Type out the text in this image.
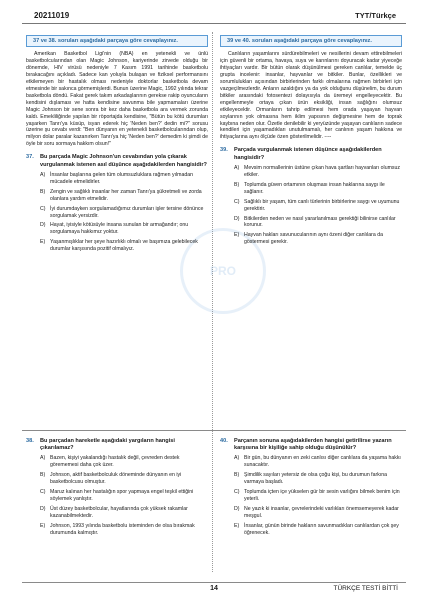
20211019	TYT/Türkçe
PRO
37 ve 38. soruları aşağıdaki parçaya göre cevaplayınız.
Amerikan Basketbol Ligi'nin (NBA) en yetenekli ve ünlü basketbolcularından olan Magic Johnson, kariyerinde zirvede olduğu bir dönemde, HIV virüsü nedeniyle 7 Kasım 1991 tarihinde basketbolu bırakacağını açıkladı. Sadece kan yoluyla bulaşan ve fiziksel performansını etkilemeyen bir hastalık olması nedeniyle doktorlar basketbola devam etmesinde bir sakınca görmemişlerdi. Bunun üzerine Magic, 1992 yılında tekrar basketbola döndü. Fakat gerek takım arkadaşlarının gerekse rakip oyuncuların kendisini dışlaması ve hatta kendisine savunma bile yapmamaları üzerine Magic Johnson bir sene sonra bir kez daha basketbola ara vermek zorunda kaldı. Emekliliğinde yapılan bir röportajda kendisine, "Bütün bu kötü durumları yaşarken Tanrı'ya küsüp, isyan ederek hiç 'Neden ben?' dedin mi?" sorusu üzerine şu cevabı verdi: "Ben dünyanın en yetenekli basketbolcularından olup, milyon dolar paralar kazanırken Tanrı'ya hiç 'Neden ben?' demedim ki şimdi de öyle bir soru sormaya hakkım olsun!"
37.	Bu parçada Magic Johnson'un cevabından yola çıkarak vurgulanmak istenen asıl düşünce aşağıdakilerden hangisidir?
A) İnsanlar başlarına gelen tüm olumsuzluklara rağmen yılmadan mücadele etmelidirler.
B) Zengin ve sağlıklı insanlar her zaman Tanrı'ya şükretmeli ve zorda olanlara yardım etmelidir.
C) İyi durumdayken sorgulamadığımız durumları işler tersine dönünce sorgulamak yersizdir.
D) Hayat, iyisiyle kötüsüyle insana sunulan bir armağandır; onu sorgulamaya hakkımız yoktur.
E) Yaşanmışlıklar her şeye hazırlıklı olmalı ve başımıza gelebilecek durumlar karşısında pozitif olmalıyız.
39 ve 40. soruları aşağıdaki parçaya göre cevaplayınız.
Canlıların yaşamlarını sürdürebilmeleri ve nesillerini devam ettirebilmeleri için güvenli bir ortama, havaya, suya ve karınlarını doyuracak kadar yiyeceğe ihtiyaçları vardır. Bir bütün olarak düşünülmesi gereken canlılar, temelde üç grupta incelenir: insanlar, hayvanlar ve bitkiler. Bunlar, özellikleri ve sorumlulukları açısından birbirlerinden farklı olmalarına rağmen birbirleri için vazgeçilmezlerdir. Anların azaldığını ya da yok olduğunu düşünelim, bu durum bitkiler arasındaki fotosentezi dolayısıyla da üremeyi engelleyecektir. Bu engellenmeyle ortaya çıkan ürün eksikliği, insan sağlığını olumsuz etkileyecektir. Ormanların tahrip edilmesi hem orada yaşayan hayvan soylarının yok olmasına hem iklim yapısının değişmesine hem de toprak kaybına neden olur. Özetle denilebilir ki yeryüzünde yaşayan canlıların sadece kendileri için yaşamadıkları unutulmamalı, her canlının yaşam hakkına ve ihtiyaçlarına aynı ölçüde özen gösterilmelidir. ----
39.	Parçada vurgulanmak istenen düşünce aşağıdakilerden hangisidir?
A) Mevsim normallerinin üstüne çıkan hava şartları hayvanları olumsuz etkiler.
B) Toplumda güven ortamının oluşması insan haklarına saygı ile sağlanır.
C) Sağlıklı bir yaşam, tüm canlı türlerinin birbirlerine saygı ve uyumunu gerektirir.
D) Bitkilerden neden ve nasıl yararlanılması gerektiği bilinirse canlılar korunur.
E) Hayvan hakları savunucularının aynı özeni diğer canlılara da göstermesi gerekir.
38.	Bu parçadan hareketle aşağıdaki yargıların hangisi çıkarılamaz?
A) Bazen, kişiyi yakalandığı hastalık değil, çevreden destek görememesi daha çok üzer.
B) Johnson, aktif basketbolculuk döneminde dünyanın en iyi basketbolcusu olmuştur.
C) Maruz kalınan her hastalığın spor yapmaya engel teşkil ettiğini söylemek yanlıştır.
D) Üst düzey basketbolcular, hayatlarında çok yüksek rakamlar kazanabilmektedir.
E) Johnson, 1993 yılında basketbolu isteminden de olsa bırakmak durumunda kalmıştır.
40.	Parçanın sonuna aşağıdakilerden hangisi getirilirse yazarın karşısına bir kişiliğe sahip olduğu düşünülür?
A) Bir gün, bu dünyanın en zeki canlısı diğer canlılara da yaşama hakkı sunacaktır.
B) Şimdilik sayıları yetersiz de olsa çoğu kişi, bu durumun farkına varmaya başladı.
C) Toplumda içten içe yükselen gür bir sesin varlığını bilmek benim için yeterli.
D) Ne yazık ki insanlar, çevrelerindeki varlıkları önemsemeyerek kadar meşgul.
E) İnsanlar, günün birinde hakların savunmadıkları canlılardan çok şey öğrenecek.
14	TÜRKÇE TESTİ BİTTİ
